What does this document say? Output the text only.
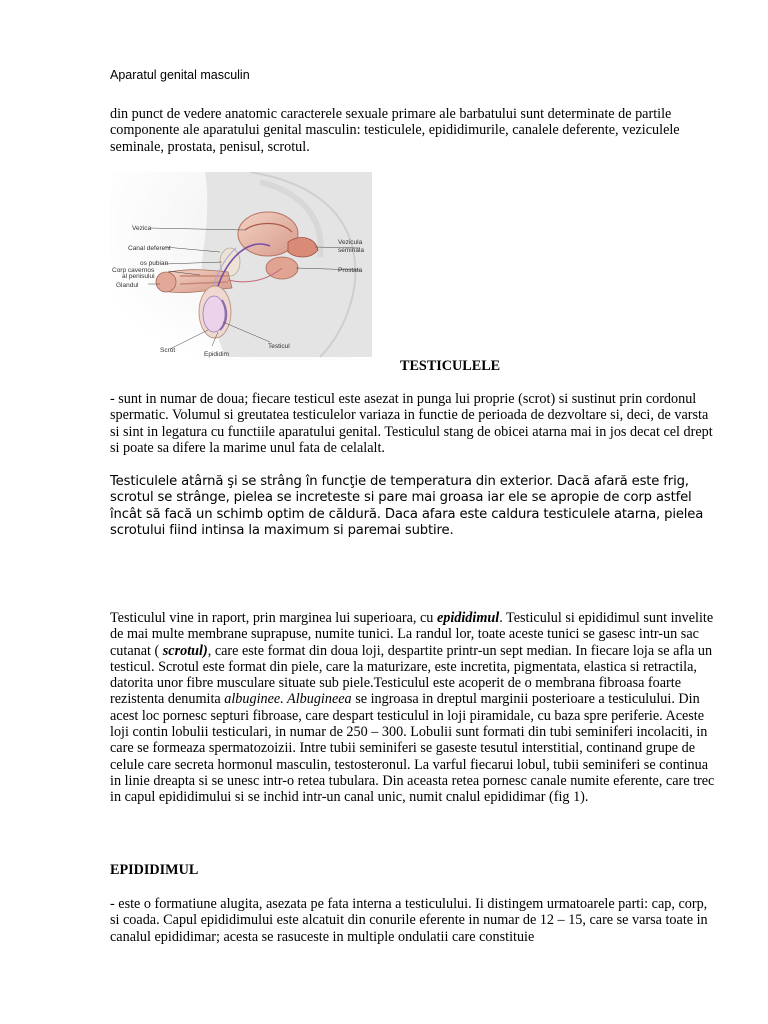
Aparatul genital masculin

din punct de vedere anatomic caracterele sexuale primare ale barbatului sunt determinate de partile componente ale aparatului genital masculin: testiculele, epididimurile, canalele deferente, veziculele seminale, prostata, penisul, scrotul.

Vezica
Canal deferent
os pubian
Corp cavernos
al penisului
Glandul
Vezicula
seminala
Prostata
Scrot
Epididim
Testicul
TESTICULELE

- sunt in numar de doua; fiecare testicul este asezat in punga lui proprie (scrot) si sustinut prin cordonul spermatic. Volumul si greutatea testiculelor variaza in functie de perioada de dezvoltare si, deci, de varsta si sint in legatura cu functiile aparatului genital. Testiculul stang de obicei atarna mai in jos decat cel drept si poate sa difere la marime unul fata de celalalt.

Testiculele atârnă şi se strâng în funcţie de temperatura din exterior. Dacă afară este frig, scrotul se strânge, pielea se increteste si pare mai groasa iar ele se apropie de corp astfel încât să facă un schimb optim de căldură. Daca afara este caldura testiculele atarna, pielea scrotului fiind intinsa la maximum si paremai subtire.

Testiculul vine in raport, prin marginea lui superioara, cu epididimul. Testiculul si epididimul sunt invelite de mai multe membrane suprapuse, numite tunici. La randul lor, toate aceste tunici se gasesc intr-un sac cutanat ( scrotul), care este format din doua loji, despartite printr-un sept median. In fiecare loja se afla un testicul. Scrotul este format din piele, care la maturizare, este incretita, pigmentata, elastica si retractila, datorita unor fibre musculare situate sub piele.Testiculul este acoperit de o membrana fibroasa foarte rezistenta denumita albuginee. Albugineea se ingroasa in dreptul marginii posterioare a testiculului. Din acest loc pornesc septuri fibroase, care despart testiculul in loji piramidale, cu baza spre periferie. Aceste loji contin lobulii testiculari, in numar de 250 – 300. Lobulii sunt formati din tubi seminiferi incolaciti, in care se formeaza spermatozoizii. Intre tubii seminiferi se gaseste tesutul interstitial, continand grupe de celule care secreta hormonul masculin, testosteronul. La varful fiecarui lobul, tubii seminiferi se continua in linie dreapta si se unesc intr-o retea tubulara. Din aceasta retea pornesc canale numite eferente, care trec in capul epididimului si se inchid intr-un canal unic, numit cnalul epididimar (fig 1).

EPIDIDIMUL

- este o formatiune alugita, asezata pe fata interna a testiculului. Ii distingem urmatoarele parti: cap, corp, si coada. Capul epididimului este alcatuit din conurile eferente in numar de 12 – 15, care se varsa toate in canalul epididimar; acesta se rasuceste in multiple ondulatii care constituie
